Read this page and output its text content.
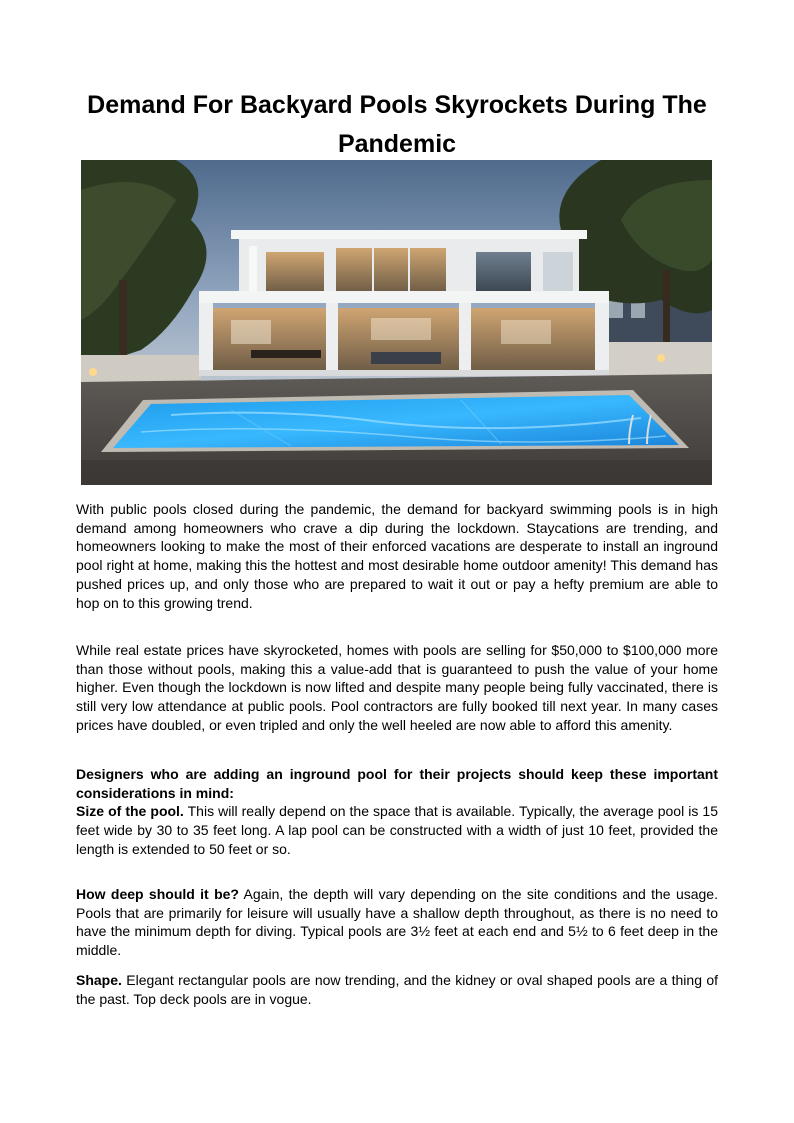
Demand For Backyard Pools Skyrockets During The Pandemic

With public pools closed during the pandemic, the demand for backyard swimming pools is in high demand among homeowners who crave a dip during the lockdown. Staycations are trending, and homeowners looking to make the most of their enforced vacations are desperate to install an inground pool right at home, making this the hottest and most desirable home outdoor amenity! This demand has pushed prices up, and only those who are prepared to wait it out or pay a hefty premium are able to hop on to this growing trend.

While real estate prices have skyrocketed, homes with pools are selling for $50,000 to $100,000 more than those without pools, making this a value-add that is guaranteed to push the value of your home higher. Even though the lockdown is now lifted and despite many people being fully vaccinated, there is still very low attendance at public pools. Pool contractors are fully booked till next year. In many cases prices have doubled, or even tripled and only the well heeled are now able to afford this amenity.

Designers who are adding an inground pool for their projects should keep these important considerations in mind:
Size of the pool. This will really depend on the space that is available. Typically, the average pool is 15 feet wide by 30 to 35 feet long. A lap pool can be constructed with a width of just 10 feet, provided the length is extended to 50 feet or so.

How deep should it be? Again, the depth will vary depending on the site conditions and the usage. Pools that are primarily for leisure will usually have a shallow depth throughout, as there is no need to have the minimum depth for diving. Typical pools are 3½ feet at each end and 5½ to 6 feet deep in the middle.

Shape. Elegant rectangular pools are now trending, and the kidney or oval shaped pools are a thing of the past. Top deck pools are in vogue.
